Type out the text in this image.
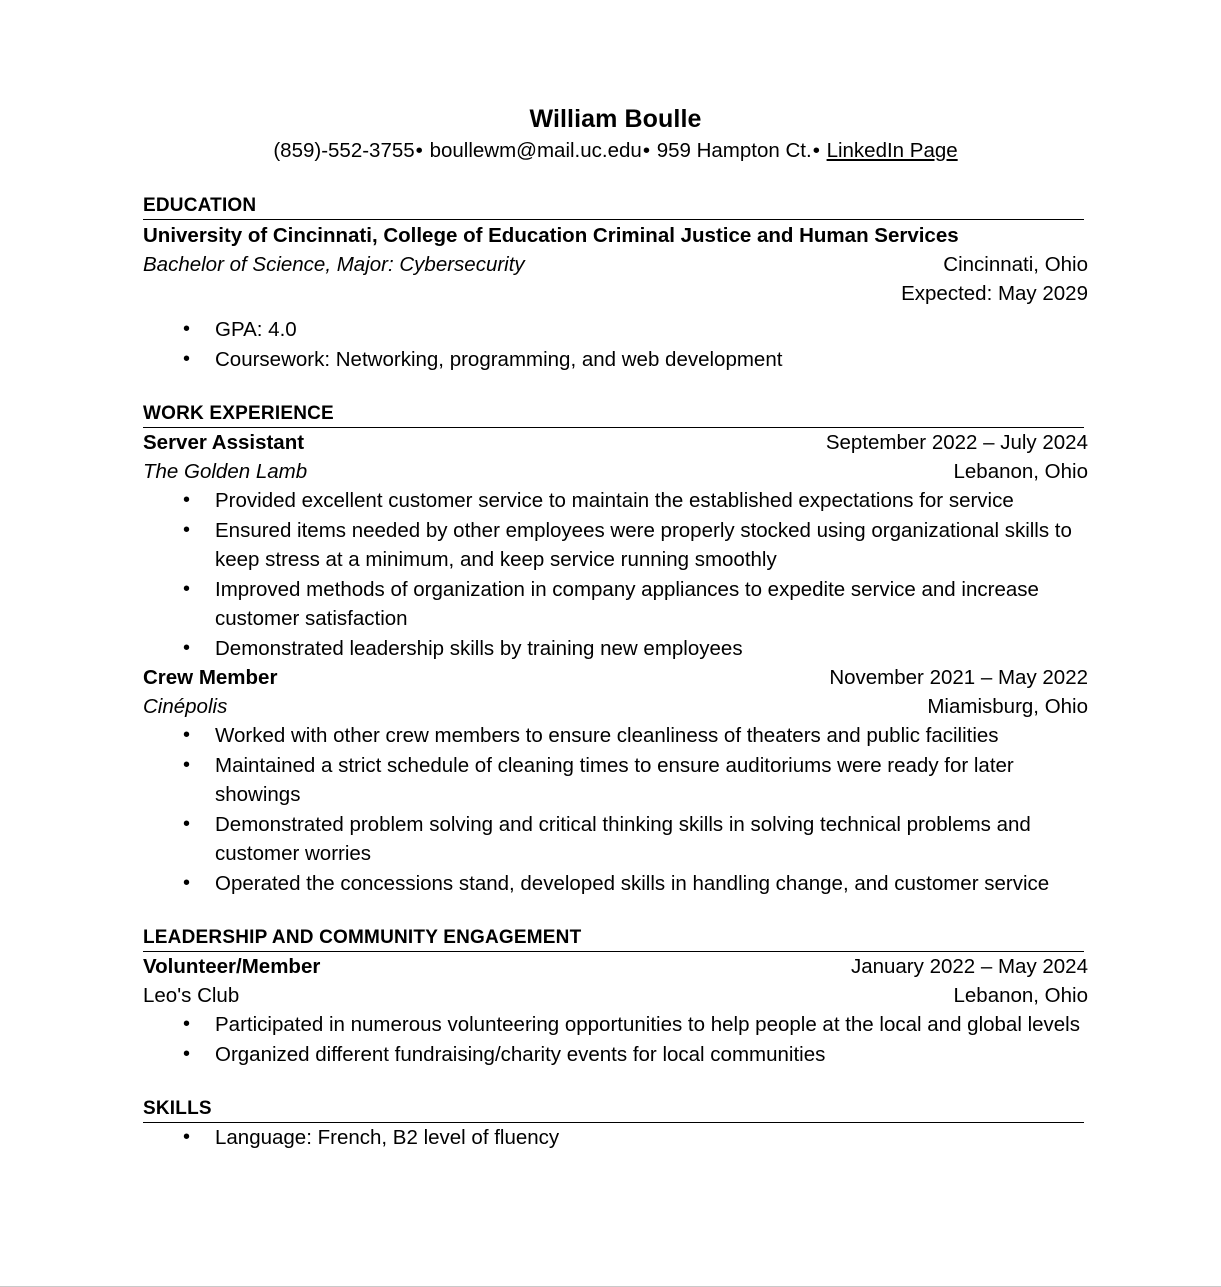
William Boulle
(859)-552-3755• boullewm@mail.uc.edu• 959 Hampton Ct.• LinkedIn Page
EDUCATION
University of Cincinnati, College of Education Criminal Justice and Human Services
Bachelor of Science, Major: Cybersecurity	Cincinnati, Ohio
Expected: May 2029
• GPA: 4.0
• Coursework: Networking, programming, and web development
WORK EXPERIENCE
Server Assistant	September 2022 – July 2024
The Golden Lamb	Lebanon, Ohio
• Provided excellent customer service to maintain the established expectations for service
• Ensured items needed by other employees were properly stocked using organizational skills to keep stress at a minimum, and keep service running smoothly
• Improved methods of organization in company appliances to expedite service and increase customer satisfaction
• Demonstrated leadership skills by training new employees
Crew Member	November 2021 – May 2022
Cinépolis	Miamisburg, Ohio
• Worked with other crew members to ensure cleanliness of theaters and public facilities
• Maintained a strict schedule of cleaning times to ensure auditoriums were ready for later showings
• Demonstrated problem solving and critical thinking skills in solving technical problems and customer worries
• Operated the concessions stand, developed skills in handling change, and customer service
LEADERSHIP AND COMMUNITY ENGAGEMENT
Volunteer/Member	January 2022 – May 2024
Leo's Club	Lebanon, Ohio
• Participated in numerous volunteering opportunities to help people at the local and global levels
• Organized different fundraising/charity events for local communities
SKILLS
• Language: French, B2 level of fluency
